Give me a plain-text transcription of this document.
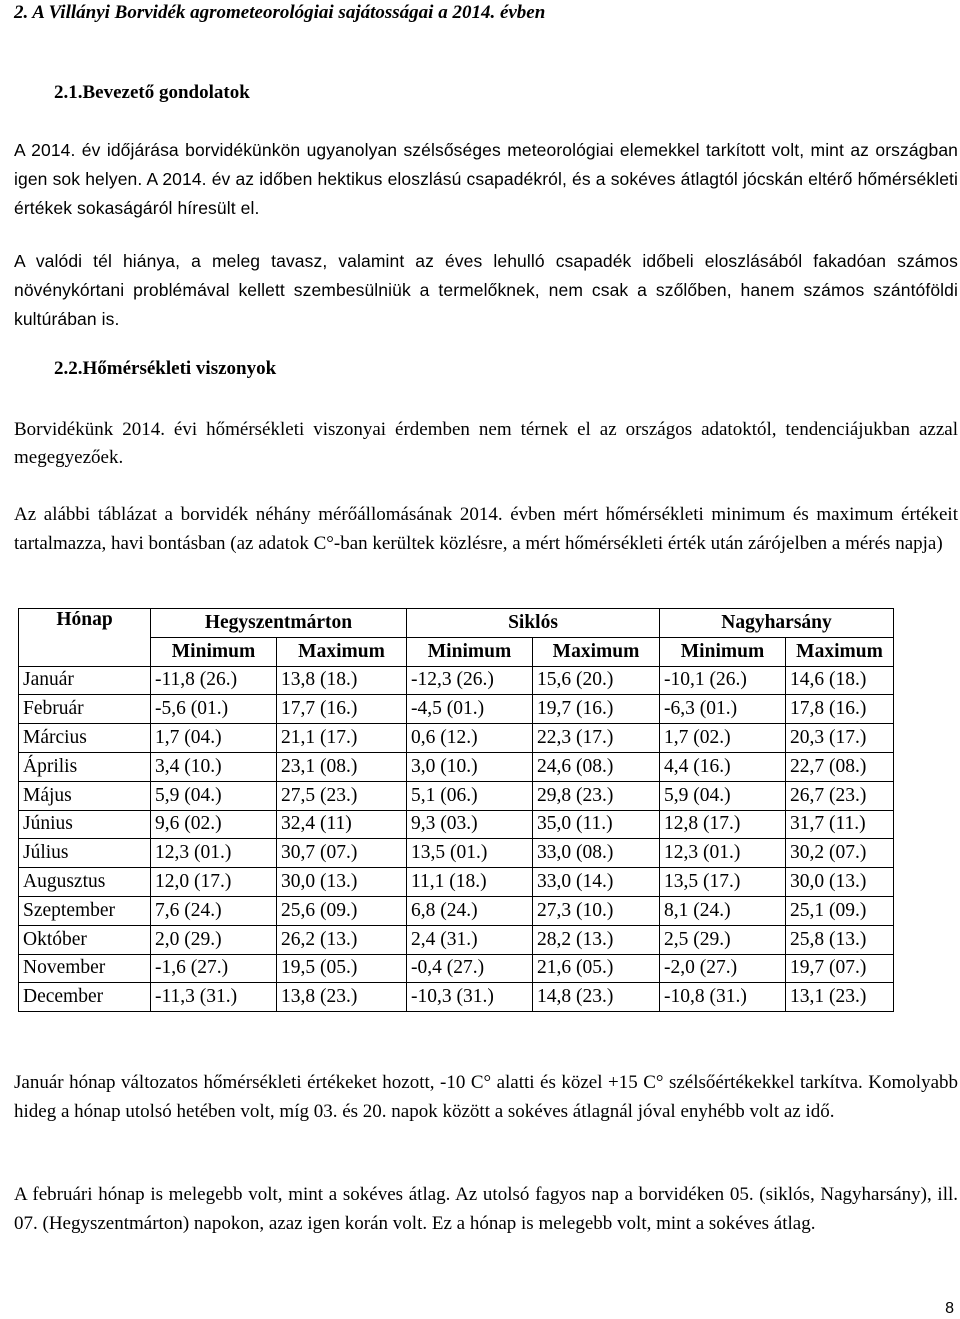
2. A Villányi Borvidék agrometeorológiai sajátosságai a 2014. évben
2.1.Bevezető gondolatok

A 2014. év időjárása borvidékünkön ugyanolyan szélsőséges meteorológiai elemekkel tarkított volt, mint az országban igen sok helyen. A 2014. év az időben hektikus eloszlású csapadékról, és a sokéves átlagtól jócskán eltérő hőmérsékleti értékek sokaságáról híresült el.

A valódi tél hiánya, a meleg tavasz, valamint az éves lehulló csapadék időbeli eloszlásából fakadóan számos növénykórtani problémával kellett szembesülniük a termelőknek, nem csak a szőlőben, hanem számos szántóföldi kultúrában is.

2.2.Hőmérsékleti viszonyok

Borvidékünk 2014. évi hőmérsékleti viszonyai érdemben nem térnek el az országos adatoktól, tendenciájukban azzal megegyezőek.

Az alábbi táblázat a borvidék néhány mérőállomásának 2014. évben mért hőmérsékleti minimum és maximum értékeit tartalmazza, havi bontásban (az adatok C°-ban kerültek közlésre, a mért hőmérsékleti érték után zárójelben a mérés napja)

Hónap	Hegyszentmárton		Siklós		Nagyharsány	
	Minimum	Maximum	Minimum	Maximum	Minimum	Maximum
Január	-11,8 (26.)	13,8 (18.)	-12,3 (26.)	15,6 (20.)	-10,1 (26.)	14,6 (18.)
Február	-5,6 (01.)	17,7 (16.)	-4,5 (01.)	19,7 (16.)	-6,3 (01.)	17,8 (16.)
Március	1,7 (04.)	21,1 (17.)	0,6 (12.)	22,3 (17.)	1,7 (02.)	20,3 (17.)
Április	3,4 (10.)	23,1 (08.)	3,0 (10.)	24,6 (08.)	4,4 (16.)	22,7 (08.)
Május	5,9 (04.)	27,5 (23.)	5,1 (06.)	29,8 (23.)	5,9 (04.)	26,7 (23.)
Június	9,6 (02.)	32,4 (11)	9,3 (03.)	35,0 (11.)	12,8 (17.)	31,7 (11.)
Július	12,3 (01.)	30,7 (07.)	13,5 (01.)	33,0 (08.)	12,3 (01.)	30,2 (07.)
Augusztus	12,0 (17.)	30,0 (13.)	11,1 (18.)	33,0 (14.)	13,5 (17.)	30,0 (13.)
Szeptember	7,6 (24.)	25,6 (09.)	6,8 (24.)	27,3 (10.)	8,1 (24.)	25,1 (09.)
Október	2,0 (29.)	26,2 (13.)	2,4 (31.)	28,2 (13.)	2,5 (29.)	25,8 (13.)
November	-1,6 (27.)	19,5 (05.)	-0,4 (27.)	21,6 (05.)	-2,0 (27.)	19,7 (07.)
December	-11,3 (31.)	13,8 (23.)	-10,3 (31.)	14,8 (23.)	-10,8 (31.)	13,1 (23.)

Január hónap változatos hőmérsékleti értékeket hozott, -10 C° alatti és közel +15 C° szélsőértékekkel tarkítva. Komolyabb hideg a hónap utolsó hetében volt, míg 03. és 20. napok között a sokéves átlagnál jóval enyhébb volt az idő.

A februári hónap is melegebb volt, mint a sokéves átlag. Az utolsó fagyos nap a borvidéken 05. (siklós, Nagyharsány), ill. 07. (Hegyszentmárton) napokon, azaz igen korán volt. Ez a hónap is melegebb volt, mint a sokéves átlag.

8
